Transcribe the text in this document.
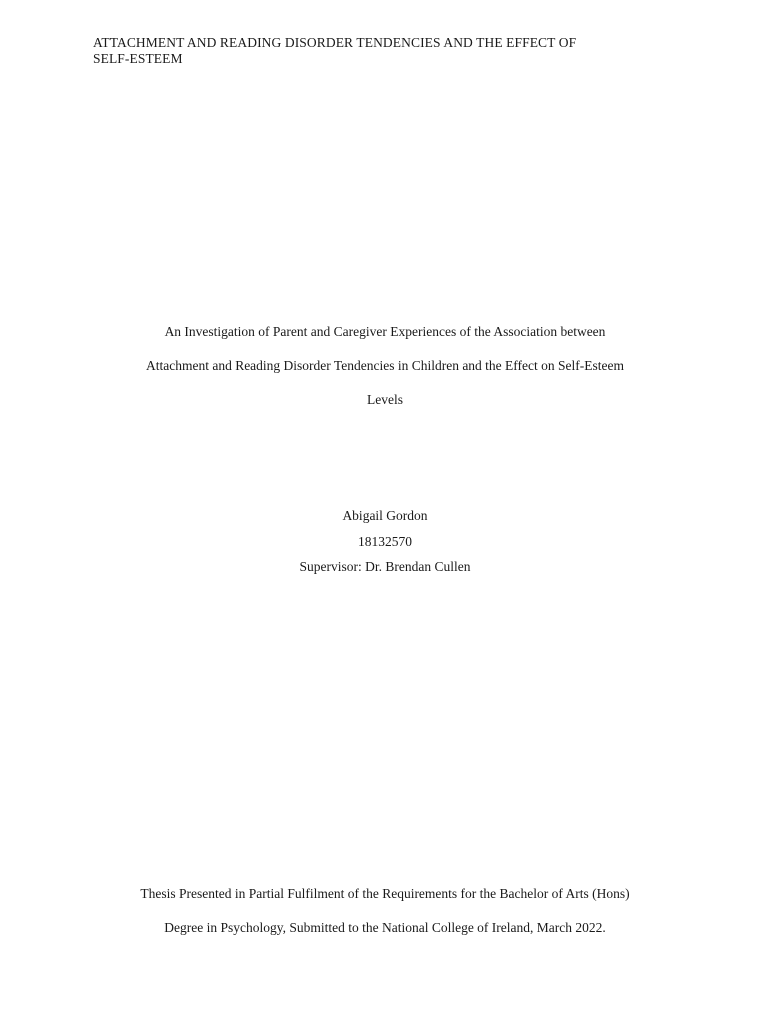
ATTACHMENT AND READING DISORDER TENDENCIES AND THE EFFECT OF
SELF-ESTEEM
An Investigation of Parent and Caregiver Experiences of the Association between
Attachment and Reading Disorder Tendencies in Children and the Effect on Self-Esteem
Levels
Abigail Gordon
18132570
Supervisor: Dr. Brendan Cullen
Thesis Presented in Partial Fulfilment of the Requirements for the Bachelor of Arts (Hons)
Degree in Psychology, Submitted to the National College of Ireland, March 2022.
